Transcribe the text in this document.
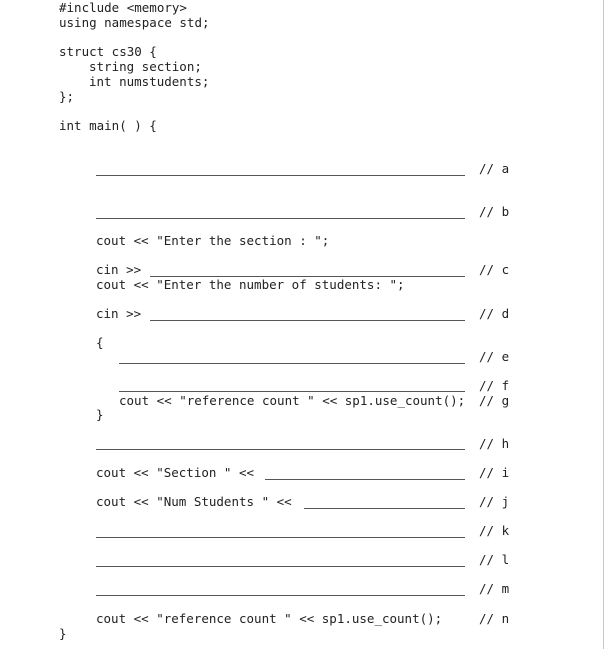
#include <memory>
using namespace std;
struct cs30 {
string section;
int numstudents;
};
int main( ) {
// a
// b
cout << "Enter the section : ";
cin >>	// c
cout << "Enter the number of students: ";
cin >>	// d
{
// e
// f
cout << "reference count " << sp1.use_count(); // g
}
// h
cout << "Section " <<	// i
cout << "Num Students " <<	// j
// k
// l
// m
cout << "reference count " << sp1.use_count();	// n
}
